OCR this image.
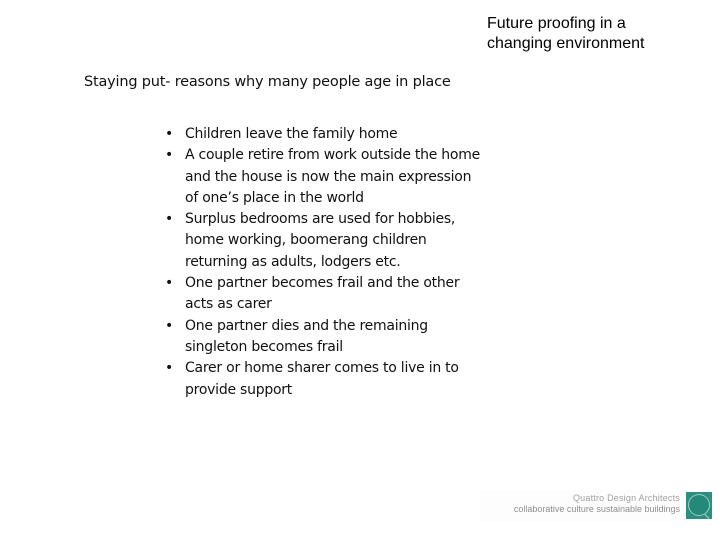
Future proofing in a
changing environment
Staying put- reasons why many people age in place
• Children leave the family home
• A couple retire from work outside the home
and the house is now the main expression
of one’s place in the world
• Surplus bedrooms are used for hobbies,
home working, boomerang children
returning as adults, lodgers etc.
• One partner becomes frail and the other
acts as carer
• One partner dies and the remaining
singleton becomes frail
• Carer or home sharer comes to live in to
provide support
Quattro Design Architects
collaborative culture sustainable buildings
